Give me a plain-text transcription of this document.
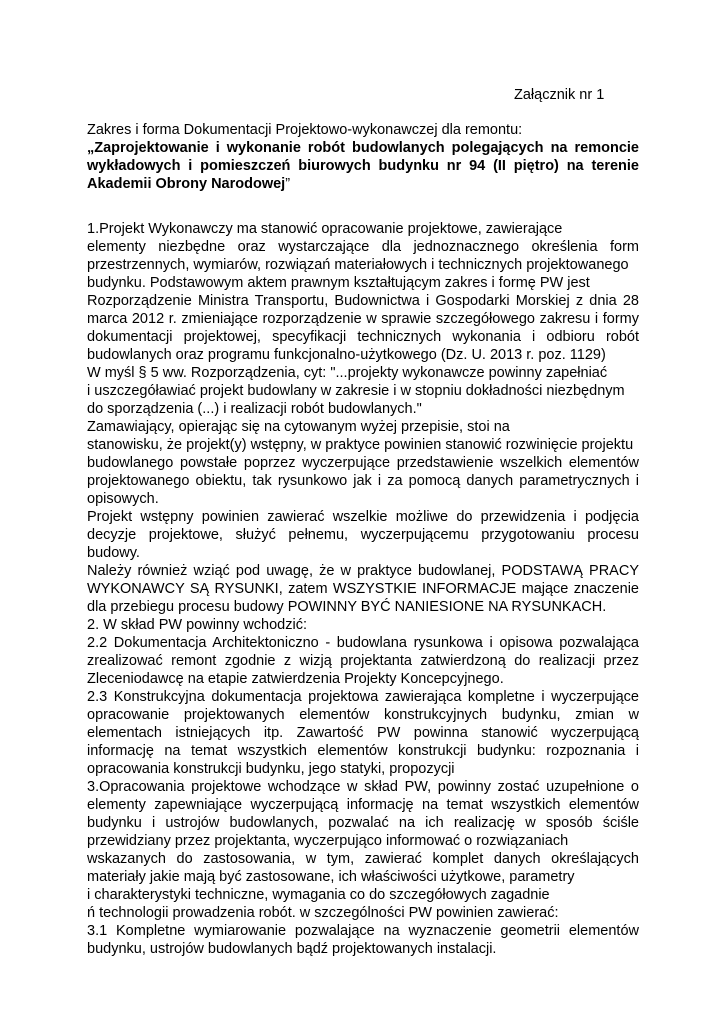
Załącznik nr 1
Zakres i forma Dokumentacji Projektowo-wykonawczej dla remontu:
„Zaprojektowanie i wykonanie robót budowlanych polegających na remoncie
wykładowych i pomieszczeń biurowych budynku nr 94 (II piętro) na terenie
Akademii Obrony Narodowej”
1.Projekt Wykonawczy ma stanowić opracowanie projektowe, zawierające
elementy niezbędne oraz wystarczające dla jednoznacznego określenia form
przestrzennych, wymiarów, rozwiązań materiałowych i technicznych projektowanego
budynku. Podstawowym aktem prawnym kształtującym zakres i formę PW jest
Rozporządzenie Ministra Transportu, Budownictwa i Gospodarki Morskiej z dnia 28
marca 2012 r. zmieniające rozporządzenie w sprawie szczegółowego zakresu i formy
dokumentacji projektowej, specyfikacji technicznych wykonania i odbioru robót
budowlanych oraz programu funkcjonalno-użytkowego (Dz. U. 2013 r. poz. 1129)
W myśl § 5 ww. Rozporządzenia, cyt: "...projekty wykonawcze powinny zapełniać
i uszczegóławiać projekt budowlany w zakresie i w stopniu dokładności niezbędnym
do sporządzenia (...) i realizacji robót budowlanych."
Zamawiający, opierając się na cytowanym wyżej przepisie, stoi na
stanowisku, że projekt(y) wstępny, w praktyce powinien stanowić rozwinięcie projektu
budowlanego powstałe poprzez wyczerpujące przedstawienie wszelkich elementów
projektowanego obiektu, tak rysunkowo jak i za pomocą danych parametrycznych i
opisowych.
Projekt wstępny powinien zawierać wszelkie możliwe do przewidzenia i podjęcia
decyzje projektowe, służyć pełnemu, wyczerpującemu przygotowaniu procesu
budowy.
Należy również wziąć pod uwagę, że w praktyce budowlanej, PODSTAWĄ PRACY
WYKONAWCY SĄ RYSUNKI, zatem WSZYSTKIE INFORMACJE mające znaczenie
dla przebiegu procesu budowy POWINNY BYĆ NANIESIONE NA RYSUNKACH.
2. W skład PW powinny wchodzić:
2.2 Dokumentacja Architektoniczno - budowlana rysunkowa i opisowa pozwalająca
zrealizować remont zgodnie z wizją projektanta zatwierdzoną do realizacji przez
Zleceniodawcę na etapie zatwierdzenia Projekty Koncepcyjnego.
2.3 Konstrukcyjna dokumentacja projektowa zawierająca kompletne i wyczerpujące
opracowanie projektowanych elementów konstrukcyjnych budynku, zmian w
elementach istniejących itp. Zawartość PW powinna stanowić wyczerpującą
informację na temat wszystkich elementów konstrukcji budynku: rozpoznania i
opracowania konstrukcji budynku, jego statyki, propozycji
3.Opracowania projektowe wchodzące w skład PW, powinny zostać uzupełnione o
elementy zapewniające wyczerpującą informację na temat wszystkich elementów
budynku i ustrojów budowlanych, pozwalać na ich realizację w sposób ściśle
przewidziany przez projektanta, wyczerpująco informować o rozwiązaniach
wskazanych do zastosowania, w tym, zawierać komplet danych określających
materiały jakie mają być zastosowane, ich właściwości użytkowe, parametry
i charakterystyki techniczne, wymagania co do szczegółowych zagadnie
ń technologii prowadzenia robót. w szczególności PW powinien zawierać:
3.1 Kompletne wymiarowanie pozwalające na wyznaczenie geometrii elementów
budynku, ustrojów budowlanych bądź projektowanych instalacji.
